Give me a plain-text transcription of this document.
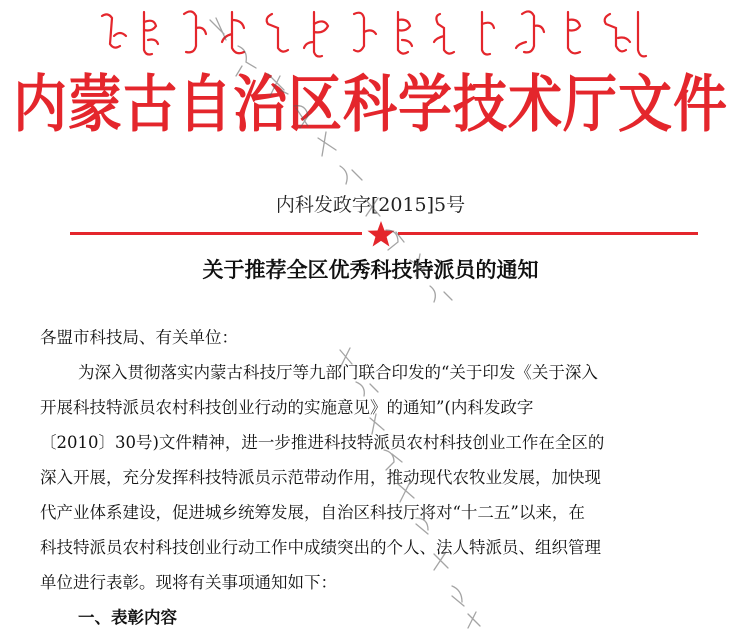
内蒙古自治区科学技术厅文件
内科发政字[2015]5号
关于推荐全区优秀科技特派员的通知
各盟市科技局、有关单位：
为深入贯彻落实内蒙古科技厅等九部门联合印发的“关于印发《关于深入
开展科技特派员农村科技创业行动的实施意见》的通知”(内科发政字
〔2010〕30号)文件精神，进一步推进科技特派员农村科技创业工作在全区的
深入开展，充分发挥科技特派员示范带动作用，推动现代农牧业发展，加快现
代产业体系建设，促进城乡统筹发展，自治区科技厅将对“十二五”以来，在
科技特派员农村科技创业行动工作中成绩突出的个人、法人特派员、组织管理
单位进行表彰。现将有关事项通知如下：
一、表彰内容
